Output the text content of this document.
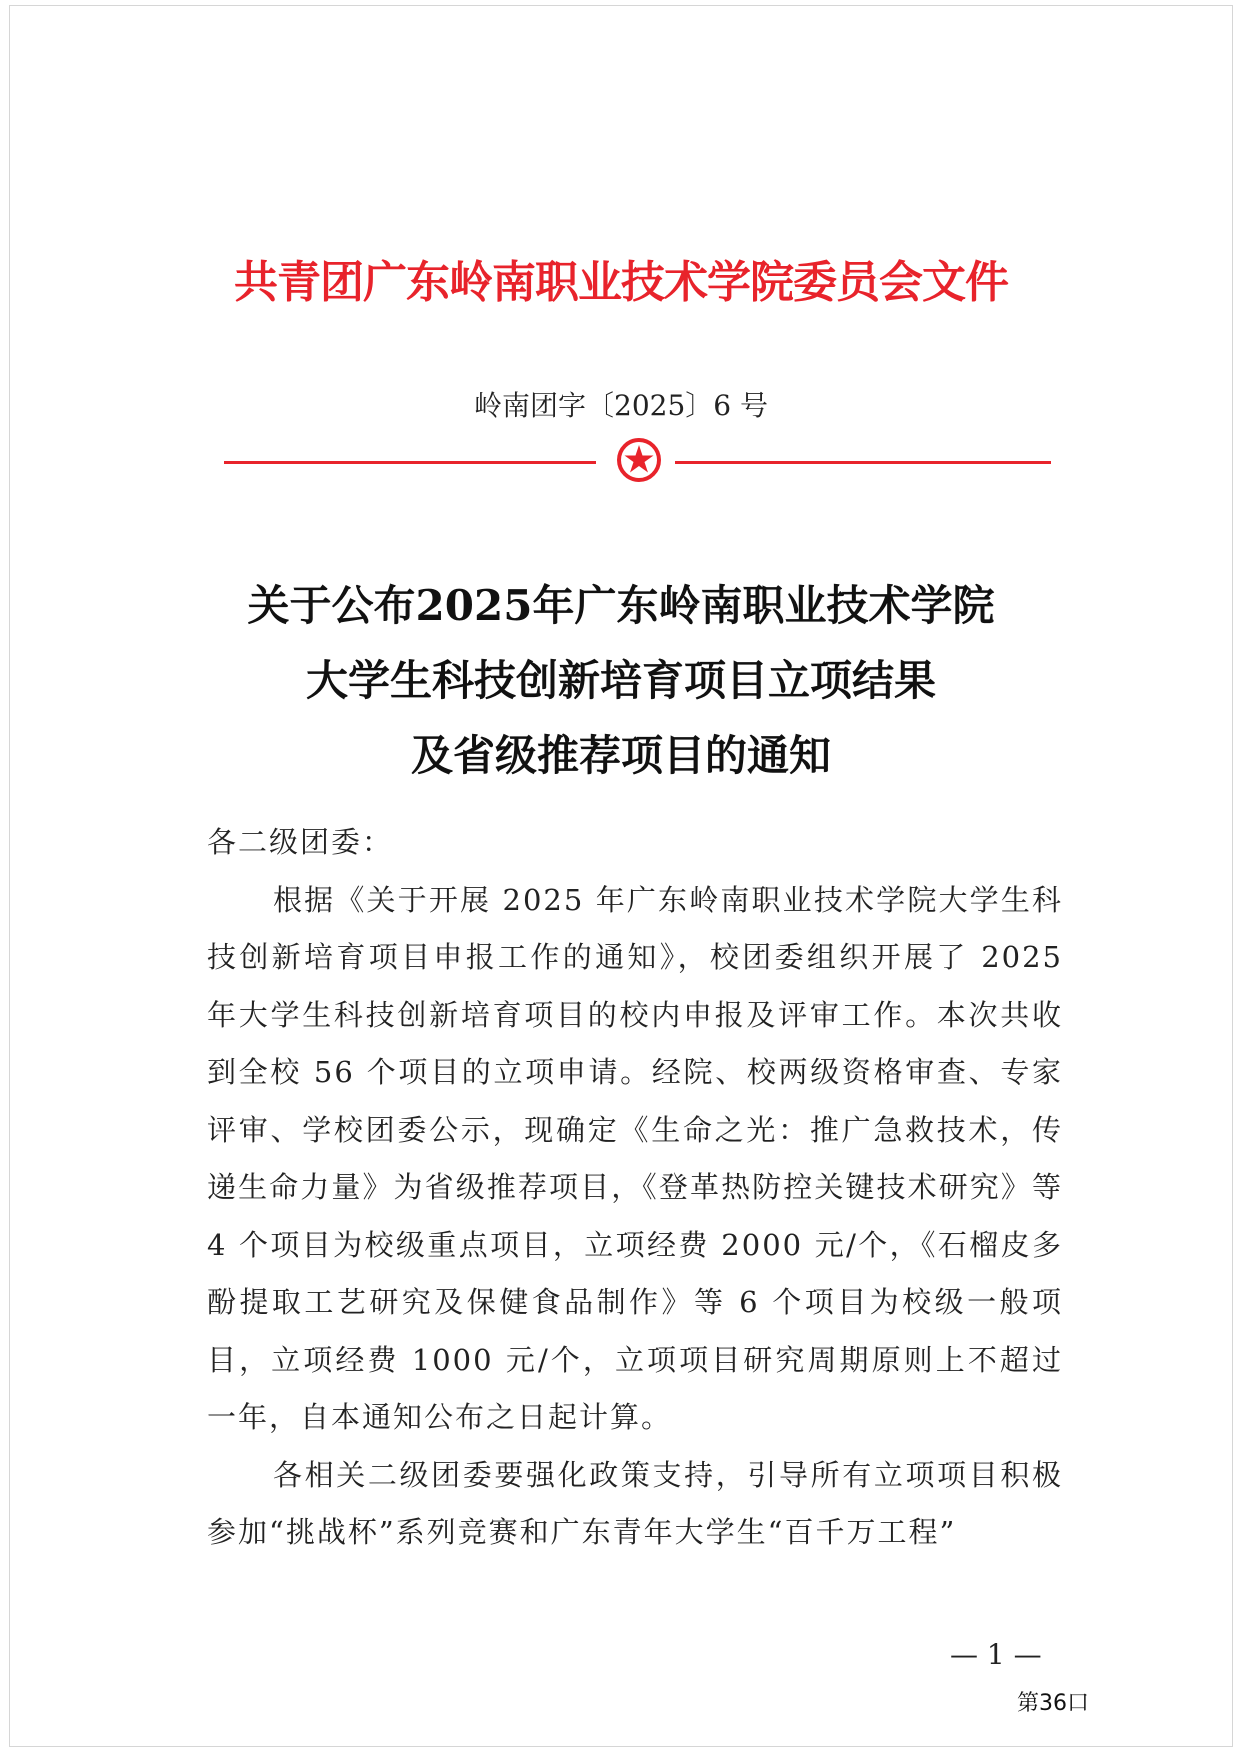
共青团广东岭南职业技术学院委员会文件
岭南团字〔2025〕6 号
关于公布2025年广东岭南职业技术学院
大学生科技创新培育项目立项结果
及省级推荐项目的通知

各二级团委：

根据《关于开展 2025 年广东岭南职业技术学院大学生科技创新培育项目申报工作的通知》，校团委组织开展了 2025 年大学生科技创新培育项目的校内申报及评审工作。本次共收到全校 56 个项目的立项申请。经院、校两级资格审查、专家评审、学校团委公示，现确定《生命之光：推广急救技术，传递生命力量》为省级推荐项目，《登革热防控关键技术研究》等 4 个项目为校级重点项目，立项经费 2000 元/个，《石榴皮多酚提取工艺研究及保健食品制作》等 6 个项目为校级一般项目，立项经费 1000 元/个，立项项目研究周期原则上不超过一年，自本通知公布之日起计算。

各相关二级团委要强化政策支持，引导所有立项项目积极参加“挑战杯”系列竞赛和广东青年大学生“百千万工程”

— 1 —
第36口
